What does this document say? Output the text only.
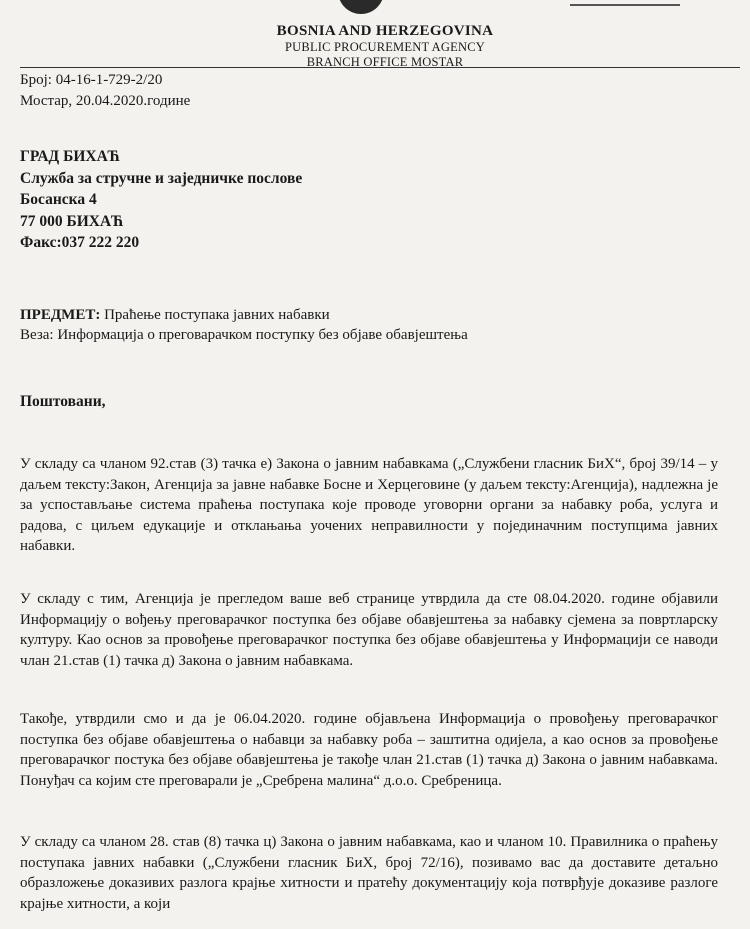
BOSNIA AND HERZEGOVINA
PUBLIC PROCUREMENT AGENCY
BRANCH OFFICE MOSTAR
Број: 04-16-1-729-2/20
Мостар, 20.04.2020.године
ГРАД БИХАЋ
Служба за стручне и заједничке послове
Босанска 4
77 000 БИХАЋ
Факс:037 222 220
ПРЕДМЕТ: Праћење поступака јавних набавки
Веза: Информација о преговарачком поступку без објаве обавјештења
Поштовани,
У складу са чланом 92.став (3) тачка е) Закона о јавним набавкама („Службени гласник БиХ“, број 39/14 – у даљем тексту:Закон, Агенција за јавне набавке Босне и Херцеговине (у даљем тексту:Агенција), надлежна је за успостављање система праћења поступака које проводе уговорни органи за набавку роба, услуга и радова, с циљем едукације и отклањања уочених неправилности у појединачним поступцима јавних набавки.
У складу с тим, Агенција је прегледом ваше веб странице утврдила да сте 08.04.2020. године објавили Информацију о вођењу преговарачког поступка без објаве обавјештења за набавку сјемена за повртларску културу. Као основ за провођење преговарачког поступка без објаве обавјештења у Информацији се наводи члан 21.став (1) тачка д) Закона о јавним набавкама.
Такође, утврдили смо и да је 06.04.2020. године објављена Информација о провођењу преговарачког поступка без објаве обавјештења о набавци за набавку роба – заштитна одијела, а као основ за провођење преговарачког постука без објаве обавјештења је такође члан 21.став (1) тачка д) Закона о јавним набавкама. Понуђач са којим сте преговарали је „Сребрена малина“ д.о.о. Сребреница.
У складу са чланом 28. став (8) тачка ц) Закона о јавним набавкама, као и чланом 10. Правилника о праћењу поступака јавних набавки („Службени гласник БиХ, број 72/16), позивамо вас да доставите детаљно образложење доказивих разлога крајње хитности и пратећу документацију која потврђује доказиве разлоге крајње хитности, а који
